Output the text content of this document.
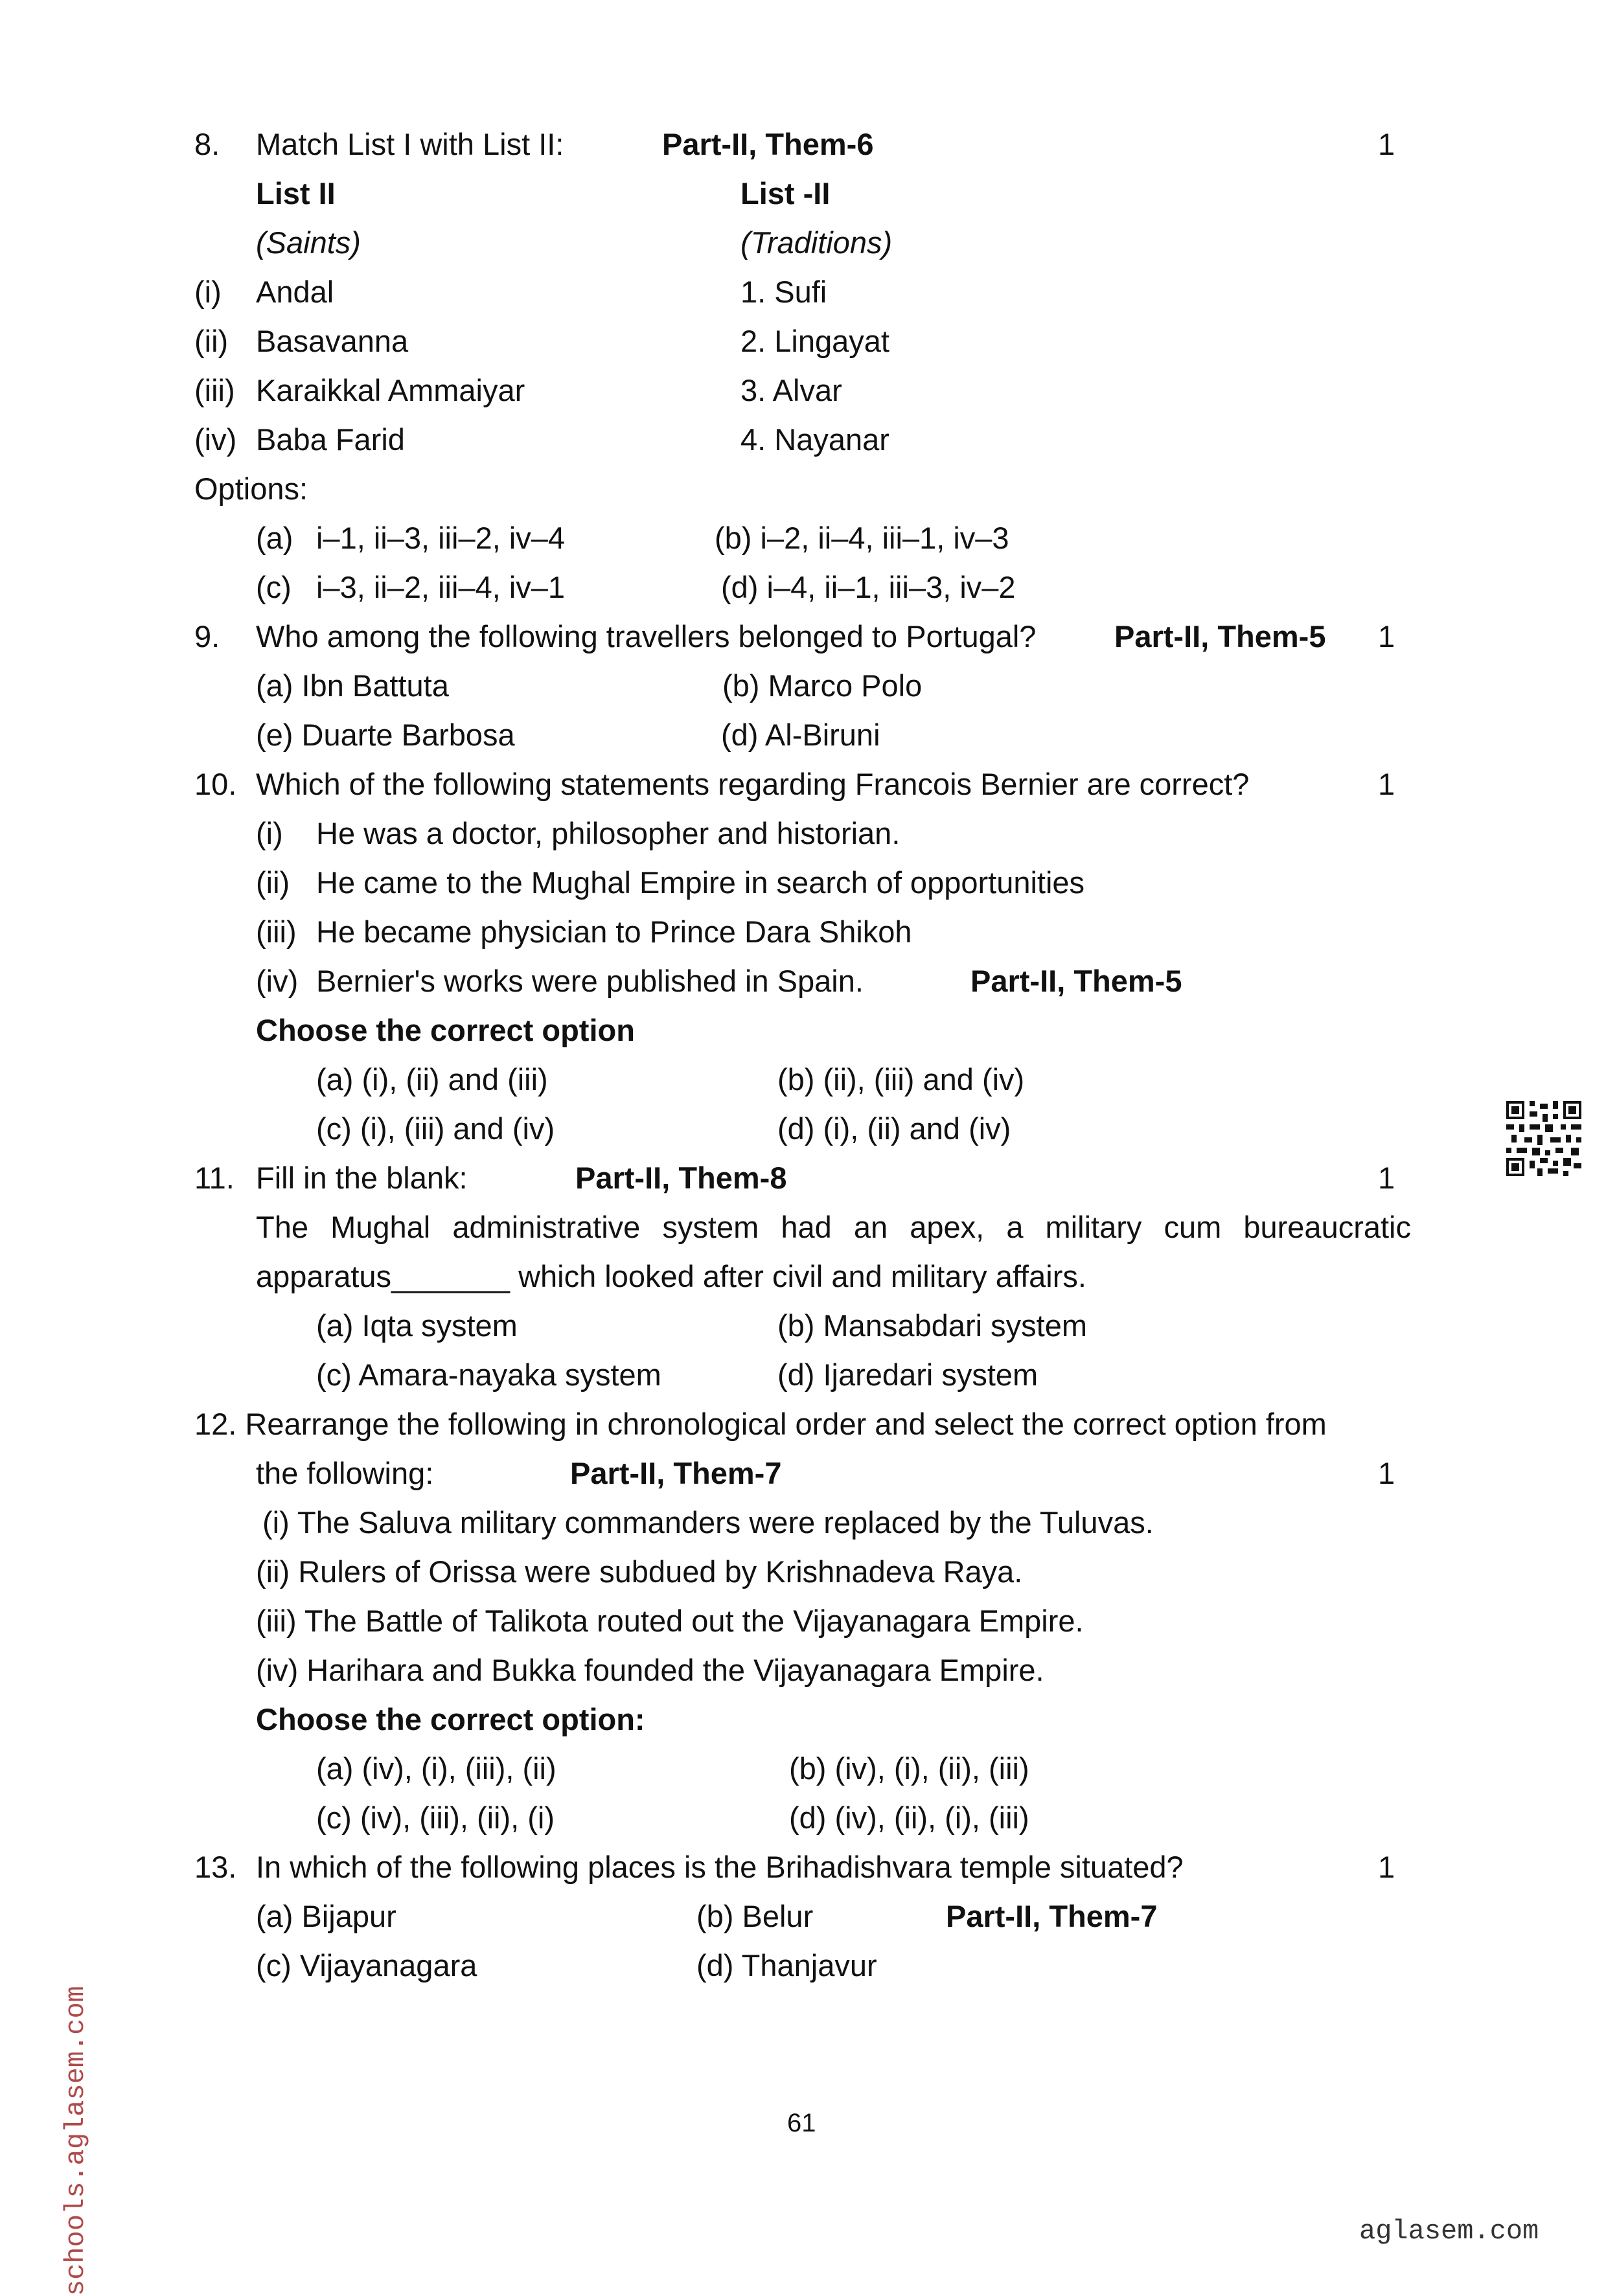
8. Match List I with List II:	Part-II, Them-6	1
List II	List -II
(Saints)	(Traditions)
(i) Andal	1. Sufi
(ii) Basavanna	2. Lingayat
(iii) Karaikkal Ammaiyar	3. Alvar
(iv) Baba Farid	4. Nayanar
Options:
(a) i–1, ii–3, iii–2, iv–4	(b) i–2, ii–4, iii–1, iv–3
(c) i–3, ii–2, iii–4, iv–1	(d) i–4, ii–1, iii–3, iv–2
9. Who among the following travellers belonged to Portugal?	Part-II, Them-5 1
(a) Ibn Battuta	(b) Marco Polo
(e) Duarte Barbosa	(d) Al-Biruni
10. Which of the following statements regarding Francois Bernier are correct?	1
(i) He was a doctor, philosopher and historian.
(ii) He came to the Mughal Empire in search of opportunities
(iii) He became physician to Prince Dara Shikoh
(iv) Bernier's works were published in Spain.	Part-II, Them-5
Choose the correct option
(a) (i), (ii) and (iii)	(b) (ii), (iii) and (iv)
(c) (i), (iii) and (iv)	(d) (i), (ii) and (iv)
11. Fill in the blank:	Part-II, Them-8	1
The Mughal administrative system had an apex, a military cum bureaucratic
apparatus_______ which looked after civil and military affairs.
(a) Iqta system	(b) Mansabdari system
(c) Amara-nayaka system	(d) Ijaredari system
12. Rearrange the following in chronological order and select the correct option from
the following:	Part-II, Them-7	1
(i) The Saluva military commanders were replaced by the Tuluvas.
(ii) Rulers of Orissa were subdued by Krishnadeva Raya.
(iii) The Battle of Talikota routed out the Vijayanagara Empire.
(iv) Harihara and Bukka founded the Vijayanagara Empire.
Choose the correct option:
(a) (iv), (i), (iii), (ii)	(b) (iv), (i), (ii), (iii)
(c) (iv), (iii), (ii), (i)	(d) (iv), (ii), (i), (iii)
13. In which of the following places is the Brihadishvara temple situated?	1
(a) Bijapur	(b) Belur	Part-II, Them-7
(c) Vijayanagara	(d) Thanjavur
61
schools.aglasem.com	aglasem.com
